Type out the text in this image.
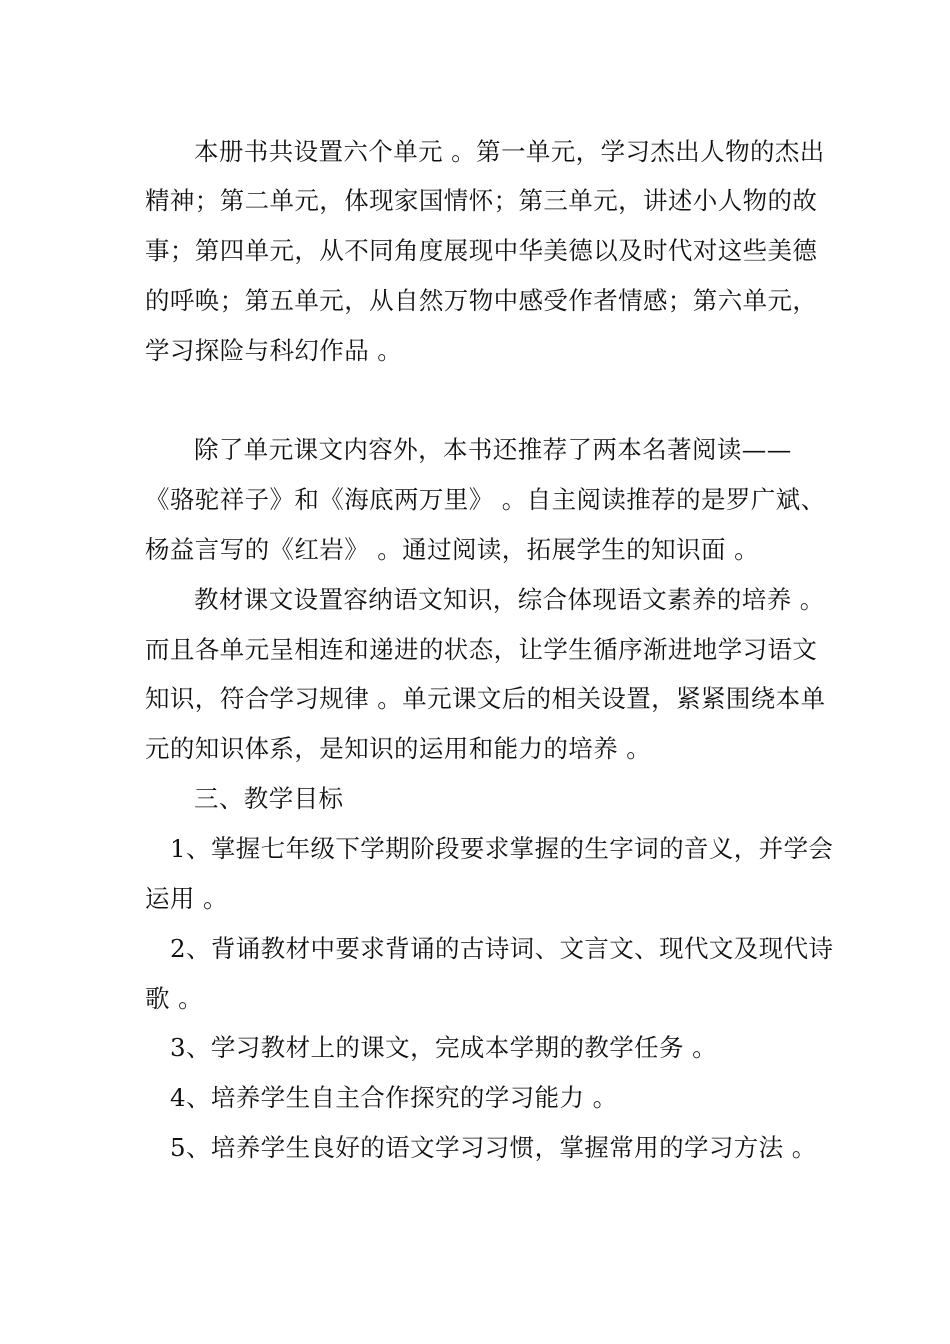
本册书共设置六个单元 。第一单元，学习杰出人物的杰出
精神；第二单元，体现家国情怀；第三单元，讲述小人物的故
事；第四单元，从不同角度展现中华美德以及时代对这些美德
的呼唤；第五单元，从自然万物中感受作者情感；第六单元，
学习探险与科幻作品 。
除了单元课文内容外，本书还推荐了两本名著阅读——
《骆驼祥子》和《海底两万里》 。自主阅读推荐的是罗广斌、
杨益言写的《红岩》 。通过阅读，拓展学生的知识面 。
教材课文设置容纳语文知识，综合体现语文素养的培养 。
而且各单元呈相连和递进的状态，让学生循序渐进地学习语文
知识，符合学习规律 。单元课文后的相关设置，紧紧围绕本单
元的知识体系，是知识的运用和能力的培养 。
三、教学目标
1、掌握七年级下学期阶段要求掌握的生字词的音义，并学会
运用 。
2、背诵教材中要求背诵的古诗词、文言文、现代文及现代诗
歌 。
3、学习教材上的课文，完成本学期的教学任务 。
4、培养学生自主合作探究的学习能力 。
5、培养学生良好的语文学习习惯，掌握常用的学习方法 。
